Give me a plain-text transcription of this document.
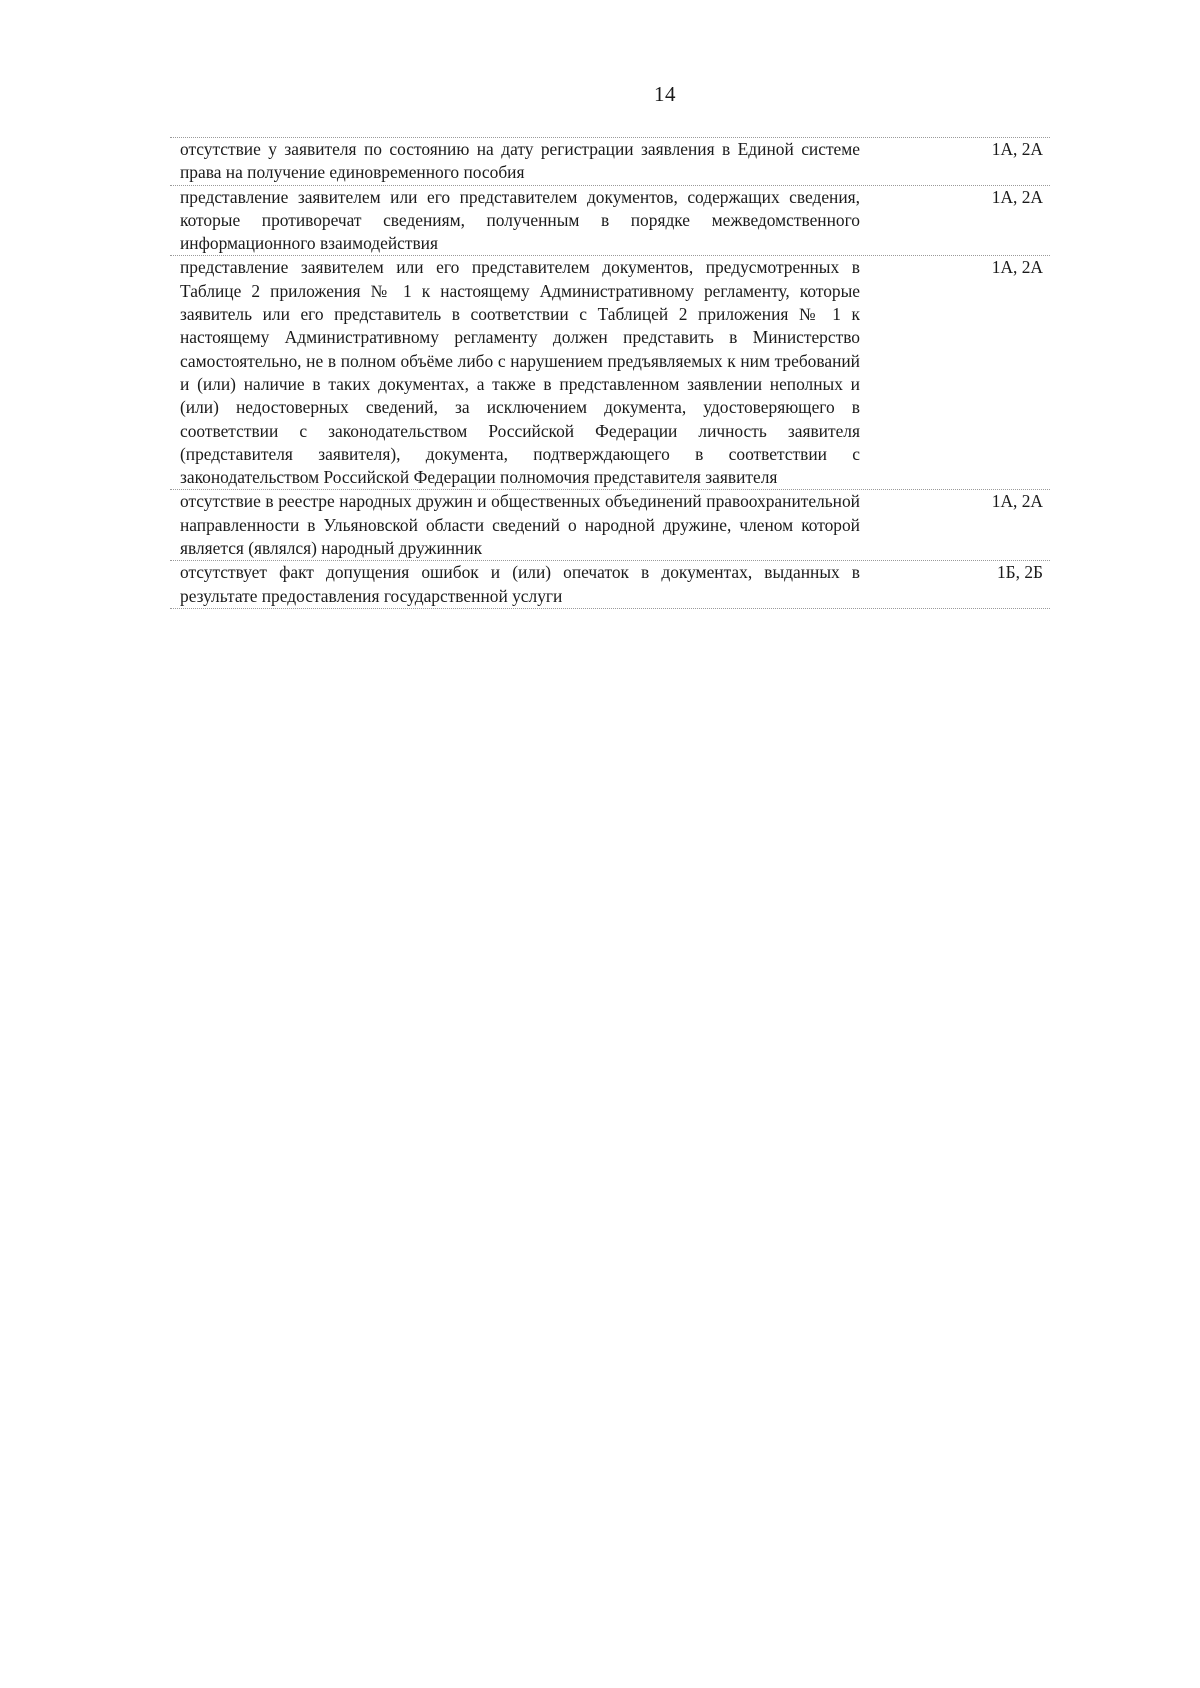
14
отсутствие у заявителя по состоянию на дату регистрации заявления в Единой системе права на получение единовременного пособия
1А, 2А
представление заявителем или его представителем документов, содержащих сведения, которые противоречат сведениям, полученным в порядке межведомственного информационного взаимодействия
1А, 2А
представление заявителем или его представителем документов, предусмотренных в Таблице 2 приложения № 1 к настоящему Административному регламенту, которые заявитель или его представитель в соответствии с Таблицей 2 приложения № 1 к настоящему Административному регламенту должен представить в Министерство самостоятельно, не в полном объёме либо с нарушением предъявляемых к ним требований и (или) наличие в таких документах, а также в представленном заявлении неполных и (или) недостоверных сведений, за исключением документа, удостоверяющего в соответствии с законодательством Российской Федерации личность заявителя (представителя заявителя), документа, подтверждающего в соответствии с законодательством Российской Федерации полномочия представителя заявителя
1А, 2А
отсутствие в реестре народных дружин и общественных объединений правоохранительной направленности в Ульяновской области сведений о народной дружине, членом которой является (являлся) народный дружинник
1А, 2А
отсутствует факт допущения ошибок и (или) опечаток в документах, выданных в результате предоставления государственной услуги
1Б, 2Б
